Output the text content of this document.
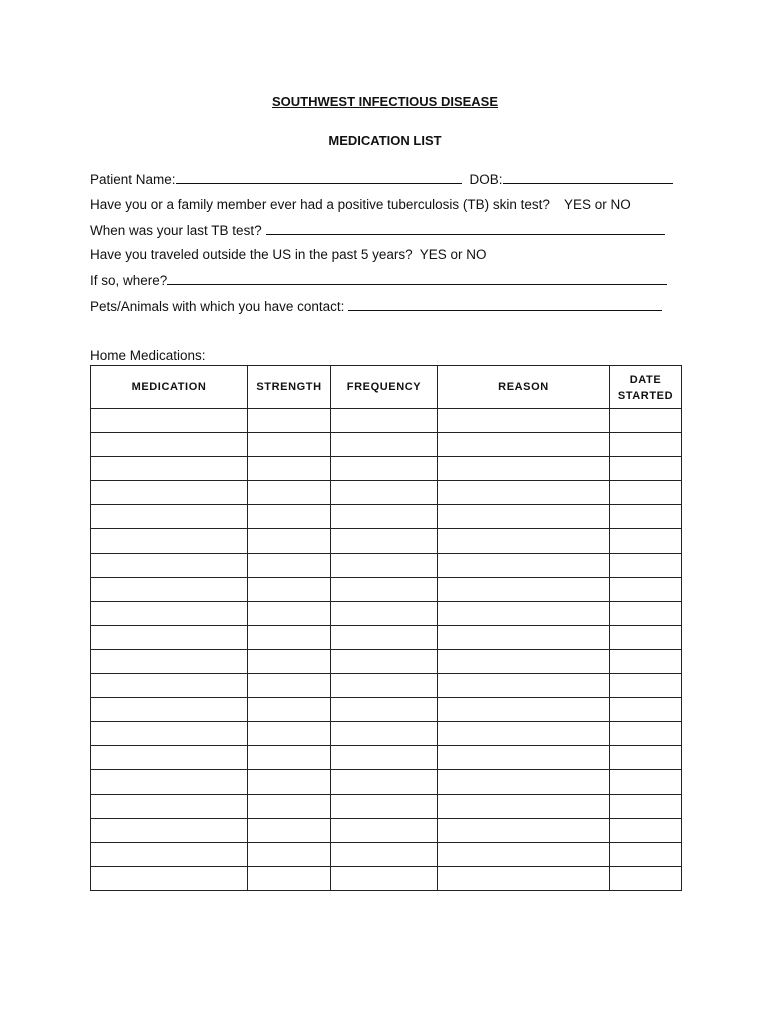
SOUTHWEST INFECTIOUS DISEASE
MEDICATION LIST
Patient Name:	DOB:
Have you or a family member ever had a positive tuberculosis (TB) skin test? YES or NO
When was your last TB test?
Have you traveled outside the US in the past 5 years? YES or NO
If so, where?
Pets/Animals with which you have contact:
Home Medications:
MEDICATION	STRENGTH	FREQUENCY	REASON	DATE
STARTED
